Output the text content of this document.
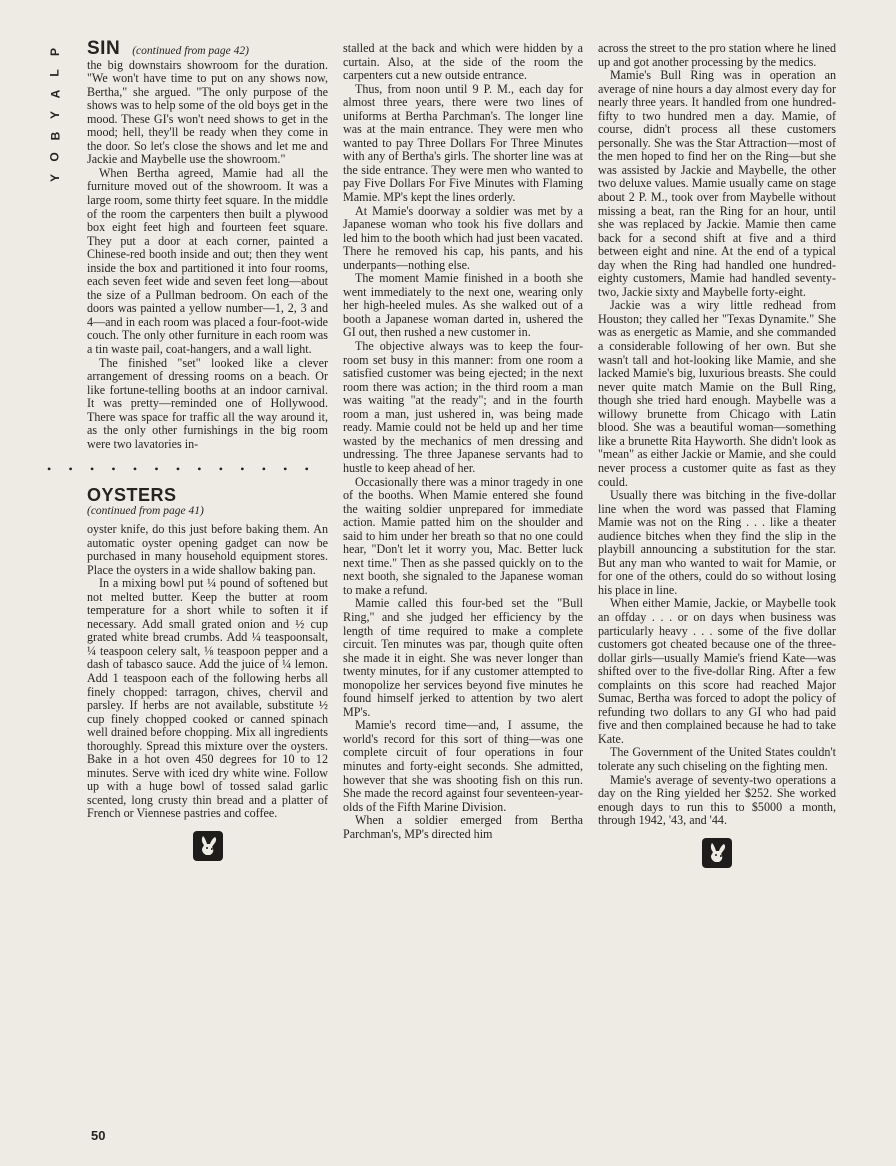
P
L
A
Y
B
O
Y
SIN (continued from page 42)

the big downstairs showroom for the duration. "We won't have time to put on any shows now, Bertha," she argued. "The only purpose of the shows was to help some of the old boys get in the mood. These GI's won't need shows to get in the mood; hell, they'll be ready when they come in the door. So let's close the shows and let me and Jackie and Maybelle use the showroom."

When Bertha agreed, Mamie had all the furniture moved out of the showroom. It was a large room, some thirty feet square. In the middle of the room the carpenters then built a plywood box eight feet high and fourteen feet square. They put a door at each corner, painted a Chinese-red booth inside and out; then they went inside the box and partitioned it into four rooms, each seven feet wide and seven feet long—about the size of a Pullman bedroom. On each of the doors was painted a yellow number—1, 2, 3 and 4—and in each room was placed a four-foot-wide couch. The only other furniture in each room was a tin waste pail, coat-hangers, and a wall light.

The finished "set" looked like a clever arrangement of dressing rooms on a beach. Or like fortune-telling booths at an indoor carnival. It was pretty—reminded one of Hollywood. There was space for traffic all the way around it, as the only other furnishings in the big room were two lavatories in-

• • • • • • • • • • • • •
OYSTERS
(continued from page 41)

oyster knife, do this just before baking them. An automatic oyster opening gadget can now be purchased in many household equipment stores. Place the oysters in a wide shallow baking pan.

In a mixing bowl put ¼ pound of softened but not melted butter. Keep the butter at room temperature for a short while to soften it if necessary. Add small grated onion and ½ cup grated white bread crumbs. Add ¼ teaspoonsalt, ¼ teaspoon celery salt, ⅛ teaspoon pepper and a dash of tabasco sauce. Add the juice of ¼ lemon. Add 1 teaspoon each of the following herbs all finely chopped: tarragon, chives, chervil and parsley. If herbs are not available, substitute ½ cup finely chopped cooked or canned spinach well drained before chopping. Mix all ingredients thoroughly. Spread this mixture over the oysters. Bake in a hot oven 450 degrees for 10 to 12 minutes. Serve with iced dry white wine. Follow up with a huge bowl of tossed salad garlic scented, long crusty thin bread and a platter of French or Viennese pastries and coffee.

stalled at the back and which were hidden by a curtain. Also, at the side of the room the carpenters cut a new outside entrance.

Thus, from noon until 9 P. M., each day for almost three years, there were two lines of uniforms at Bertha Parchman's. The longer line was at the main entrance. They were men who wanted to pay Three Dollars For Three Minutes with any of Bertha's girls. The shorter line was at the side entrance. They were men who wanted to pay Five Dollars For Five Minutes with Flaming Mamie. MP's kept the lines orderly.

At Mamie's doorway a soldier was met by a Japanese woman who took his five dollars and led him to the booth which had just been vacated. There he removed his cap, his pants, and his underpants—nothing else.

The moment Mamie finished in a booth she went immediately to the next one, wearing only her high-heeled mules. As she walked out of a booth a Japanese woman darted in, ushered the GI out, then rushed a new customer in.

The objective always was to keep the four-room set busy in this manner: from one room a satisfied customer was being ejected; in the next room there was action; in the third room a man was waiting "at the ready"; and in the fourth room a man, just ushered in, was being made ready. Mamie could not be held up and her time wasted by the mechanics of men dressing and undressing. The three Japanese servants had to hustle to keep ahead of her.

Occasionally there was a minor tragedy in one of the booths. When Mamie entered she found the waiting soldier unprepared for immediate action. Mamie patted him on the shoulder and said to him under her breath so that no one could hear, "Don't let it worry you, Mac. Better luck next time." Then as she passed quickly on to the next booth, she signaled to the Japanese woman to make a refund.

Mamie called this four-bed set the "Bull Ring," and she judged her efficiency by the length of time required to make a complete circuit. Ten minutes was par, though quite often she made it in eight. She was never longer than twenty minutes, for if any customer attempted to monopolize her services beyond five minutes he found himself jerked to attention by two alert MP's.

Mamie's record time—and, I assume, the world's record for this sort of thing—was one complete circuit of four operations in four minutes and forty-eight seconds. She admitted, however that she was shooting fish on this run. She made the record against four seventeen-year-olds of the Fifth Marine Division.

When a soldier emerged from Bertha Parchman's, MP's directed him

across the street to the pro station where he lined up and got another processing by the medics.

Mamie's Bull Ring was in operation an average of nine hours a day almost every day for nearly three years. It handled from one hundred-fifty to two hundred men a day. Mamie, of course, didn't process all these customers personally. She was the Star Attraction—most of the men hoped to find her on the Ring—but she was assisted by Jackie and Maybelle, the other two deluxe values. Mamie usually came on stage about 2 P. M., took over from Maybelle without missing a beat, ran the Ring for an hour, until she was replaced by Jackie. Mamie then came back for a second shift at five and a third between eight and nine. At the end of a typical day when the Ring had handled one hundred-eighty customers, Mamie had handled seventy-two, Jackie sixty and Maybelle forty-eight.

Jackie was a wiry little redhead from Houston; they called her "Texas Dynamite." She was as energetic as Mamie, and she commanded a considerable following of her own. But she wasn't tall and hot-looking like Mamie, and she lacked Mamie's big, luxurious breasts. She could never quite match Mamie on the Bull Ring, though she tried hard enough. Maybelle was a willowy brunette from Chicago with Latin blood. She was a beautiful woman—something like a brunette Rita Hayworth. She didn't look as "mean" as either Jackie or Mamie, and she could never process a customer quite as fast as they could.

Usually there was bitching in the five-dollar line when the word was passed that Flaming Mamie was not on the Ring . . . like a theater audience bitches when they find the slip in the playbill announcing a substitution for the star. But any man who wanted to wait for Mamie, or for one of the others, could do so without losing his place in line.

When either Mamie, Jackie, or Maybelle took an offday . . . or on days when business was particularly heavy . . . some of the five dollar customers got cheated because one of the three-dollar girls—usually Mamie's friend Kate—was shifted over to the five-dollar Ring. After a few complaints on this score had reached Major Sumac, Bertha was forced to adopt the policy of refunding two dollars to any GI who had paid five and then complained because he had to take Kate.

The Government of the United States couldn't tolerate any such chiseling on the fighting men.

Mamie's average of seventy-two operations a day on the Ring yielded her $252. She worked enough days to run this to $5000 a month, through 1942, '43, and '44.

50
